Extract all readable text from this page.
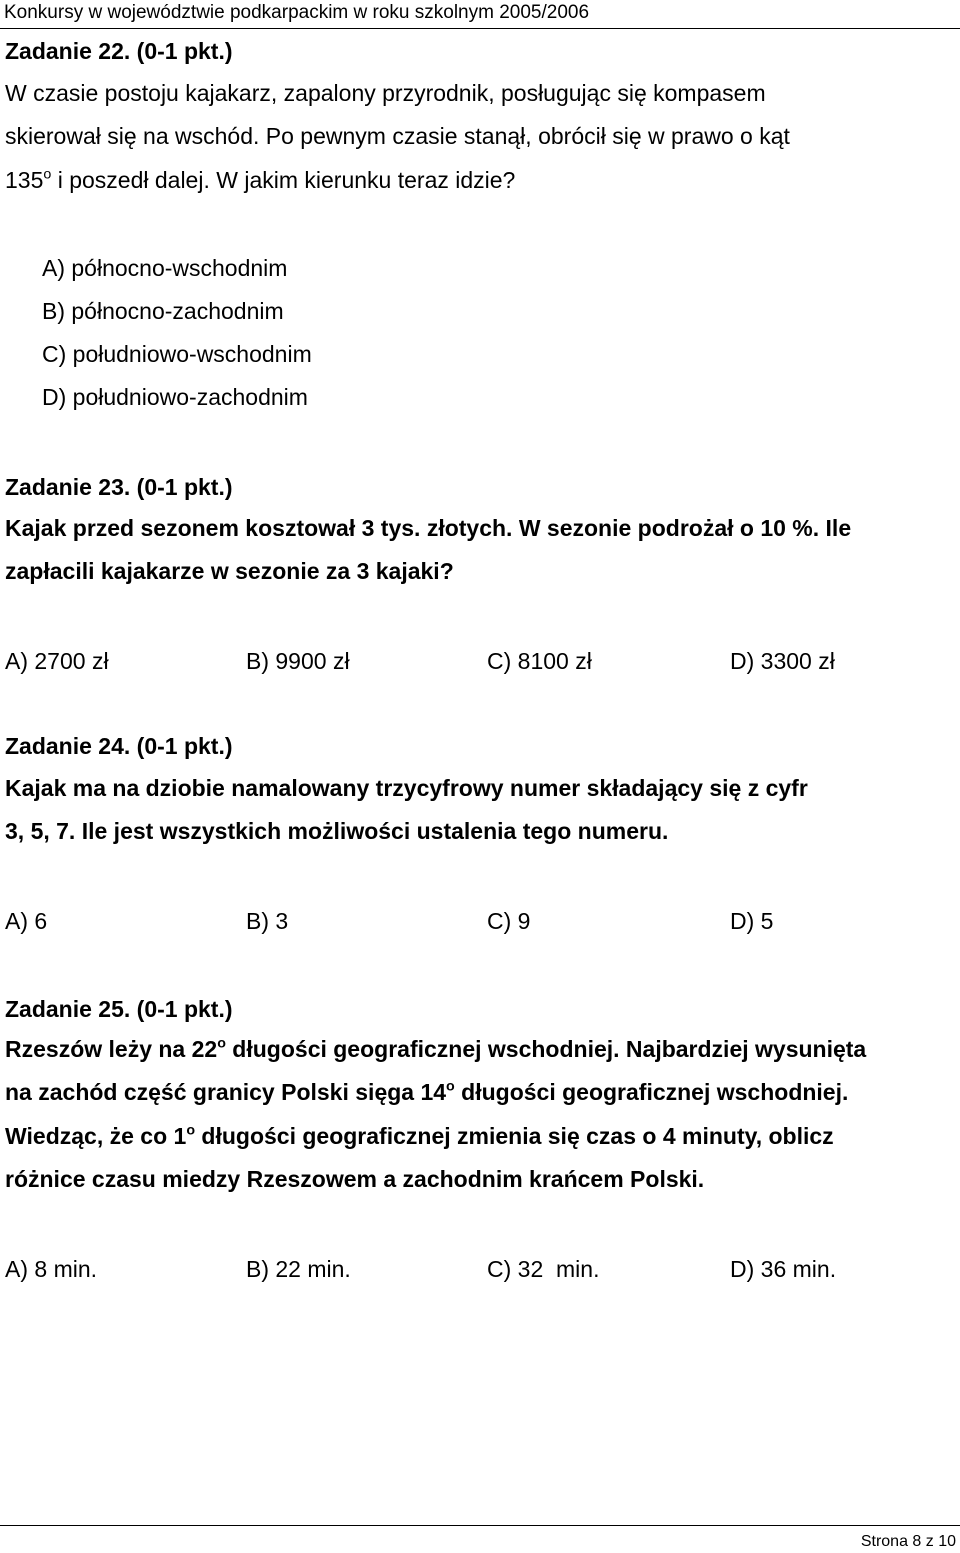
Konkursy w województwie podkarpackim w roku szkolnym 2005/2006
Zadanie 22. (0-1 pkt.)
W czasie postoju kajakarz, zapalony przyrodnik, posługując się kompasem
skierował się na wschód. Po pewnym czasie stanął, obrócił się w prawo o kąt
135$^o$ i poszedł dalej. W jakim kierunku teraz idzie?
A) północno-wschodnim
B) północno-zachodnim
C) południowo-wschodnim
D) południowo-zachodnim
Zadanie 23. (0-1 pkt.)
Kajak przed sezonem kosztował 3 tys. złotych. W sezonie podrożał o 10 %. Ile
zapłacili kajakarze w sezonie za 3 kajaki?
A) 2700 zł	B) 9900 zł	C) 8100 zł	D) 3300 zł
Zadanie 24. (0-1 pkt.)
Kajak ma na dziobie namalowany trzycyfrowy numer składający się z cyfr
3, 5, 7. Ile jest wszystkich możliwości ustalenia tego numeru.
A) 6	B) 3	C) 9	D) 5
Zadanie 25. (0-1 pkt.)
Rzeszów leży na 22$^o$ długości geograficznej wschodniej. Najbardziej wysunięta
na zachód część granicy Polski sięga 14$^o$ długości geograficznej wschodniej.
Wiedząc, że co 1$^o$ długości geograficznej zmienia się czas o 4 minuty, oblicz
różnice czasu miedzy Rzeszowem a zachodnim krańcem Polski.
A) 8 min.	B) 22 min.	C) 32  min.	D) 36 min.
Strona 8 z 10
